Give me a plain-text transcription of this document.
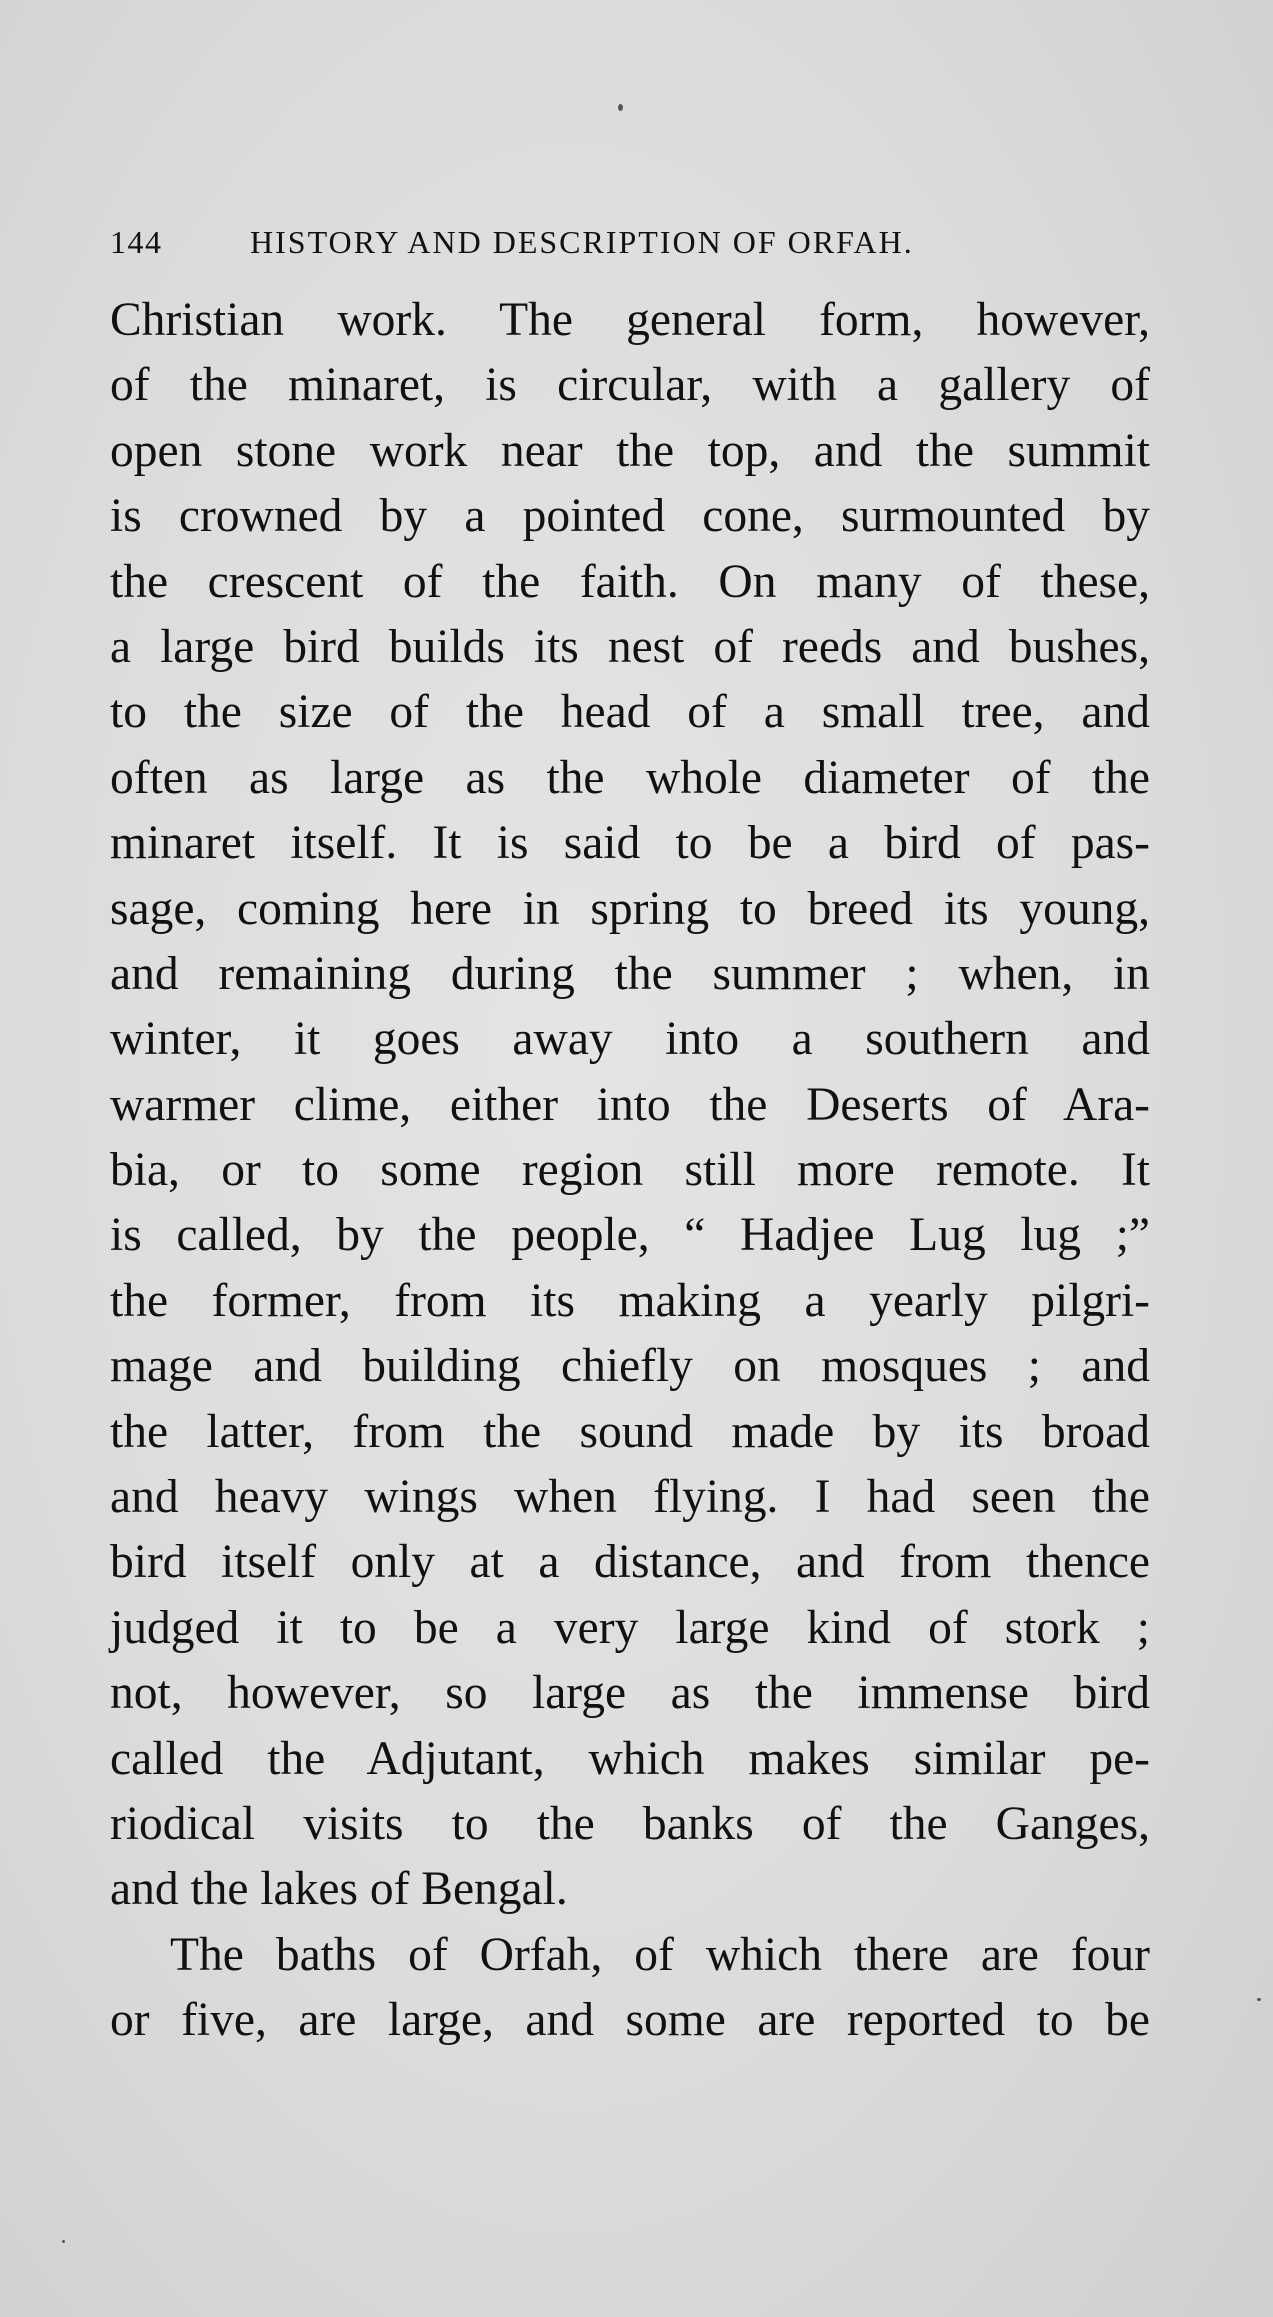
144	HISTORY AND DESCRIPTION OF ORFAH.
Christian work. The general form, however,
of the minaret, is circular, with a gallery of
open stone work near the top, and the summit
is crowned by a pointed cone, surmounted by
the crescent of the faith. On many of these,
a large bird builds its nest of reeds and bushes,
to the size of the head of a small tree, and
often as large as the whole diameter of the
minaret itself. It is said to be a bird of pas-
sage, coming here in spring to breed its young,
and remaining during the summer ; when, in
winter, it goes away into a southern and
warmer clime, either into the Deserts of Ara-
bia, or to some region still more remote. It
is called, by the people, “ Hadjee Lug lug ;”
the former, from its making a yearly pilgri-
mage and building chiefly on mosques ; and
the latter, from the sound made by its broad
and heavy wings when flying. I had seen the
bird itself only at a distance, and from thence
judged it to be a very large kind of stork ;
not, however, so large as the immense bird
called the Adjutant, which makes similar pe-
riodical visits to the banks of the Ganges,
and the lakes of Bengal.
The baths of Orfah, of which there are four
or five, are large, and some are reported to be
